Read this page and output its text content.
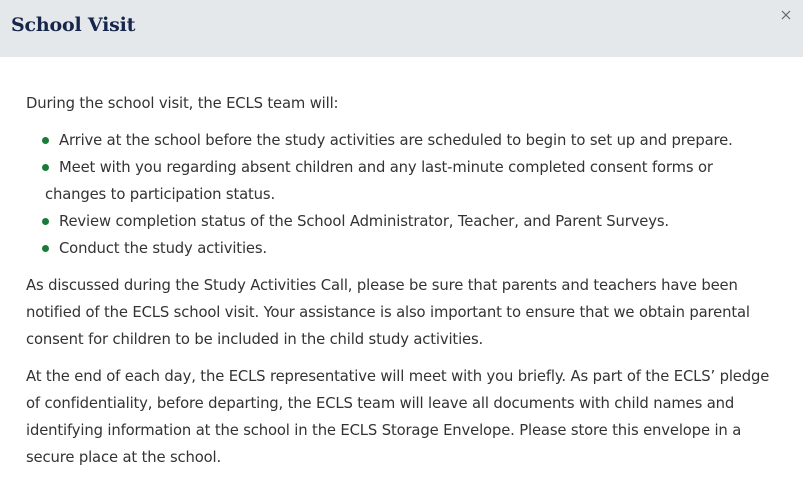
School Visit

During the school visit, the ECLS team will:

Arrive at the school before the study activities are scheduled to begin to set up and prepare.
Meet with you regarding absent children and any last-minute completed consent forms or changes to participation status.
Review completion status of the School Administrator, Teacher, and Parent Surveys.
Conduct the study activities.

As discussed during the Study Activities Call, please be sure that parents and teachers have been notified of the ECLS school visit. Your assistance is also important to ensure that we obtain parental consent for children to be included in the child study activities.

At the end of each day, the ECLS representative will meet with you briefly. As part of the ECLS’ pledge of confidentiality, before departing, the ECLS team will leave all documents with child names and identifying information at the school in the ECLS Storage Envelope. Please store this envelope in a secure place at the school.
